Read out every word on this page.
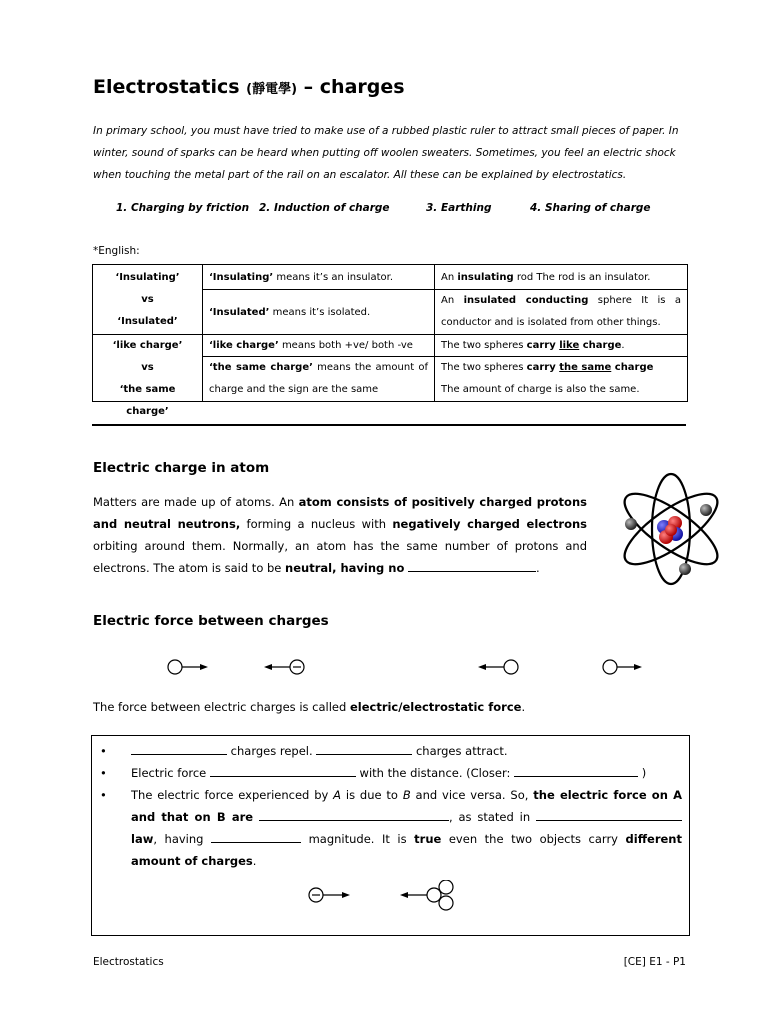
Electrostatics (靜電學) – charges
In primary school, you must have tried to make use of a rubbed plastic ruler to attract small pieces of paper. In winter, sound of sparks can be heard when putting off woolen sweaters. Sometimes, you feel an electric shock when touching the metal part of the rail on an escalator. All these can be explained by electrostatics.
1. Charging by friction 2. Induction of charge	3. Earthing	4. Sharing of charge
*English:
‘Insulating’
vs
‘Insulated’	‘Insulating’ means it’s an insulator.	An insulating rod The rod is an insulator.
	‘Insulated’ means it’s isolated.	An insulated conducting sphere It is a conductor and is isolated from other things.

‘like charge’
vs
‘the same charge’	‘like charge’ means both +ve/ both -ve	The two spheres carry like charge.
	‘the same charge’ means the amount of charge and the sign are the same	The two spheres carry the same charge
The amount of charge is also the same.
Electric charge in atom
Matters are made up of atoms. An atom consists of positively charged protons and neutral neutrons, forming a nucleus with negatively charged electrons orbiting around them. Normally, an atom has the same number of protons and electrons. The atom is said to be neutral, having no	.
Electric force between charges
The force between electric charges is called electric/electrostatic force.
•	charges repel.	charges attract.
• Electric force	with the distance. (Closer:	)
• The electric force experienced by A is due to B and vice versa. So, the electric force on A and that on B are	, as stated in  law, having	magnitude. It is true even the two objects carry different amount of charges.
Electrostatics	[CE] E1 - P1
